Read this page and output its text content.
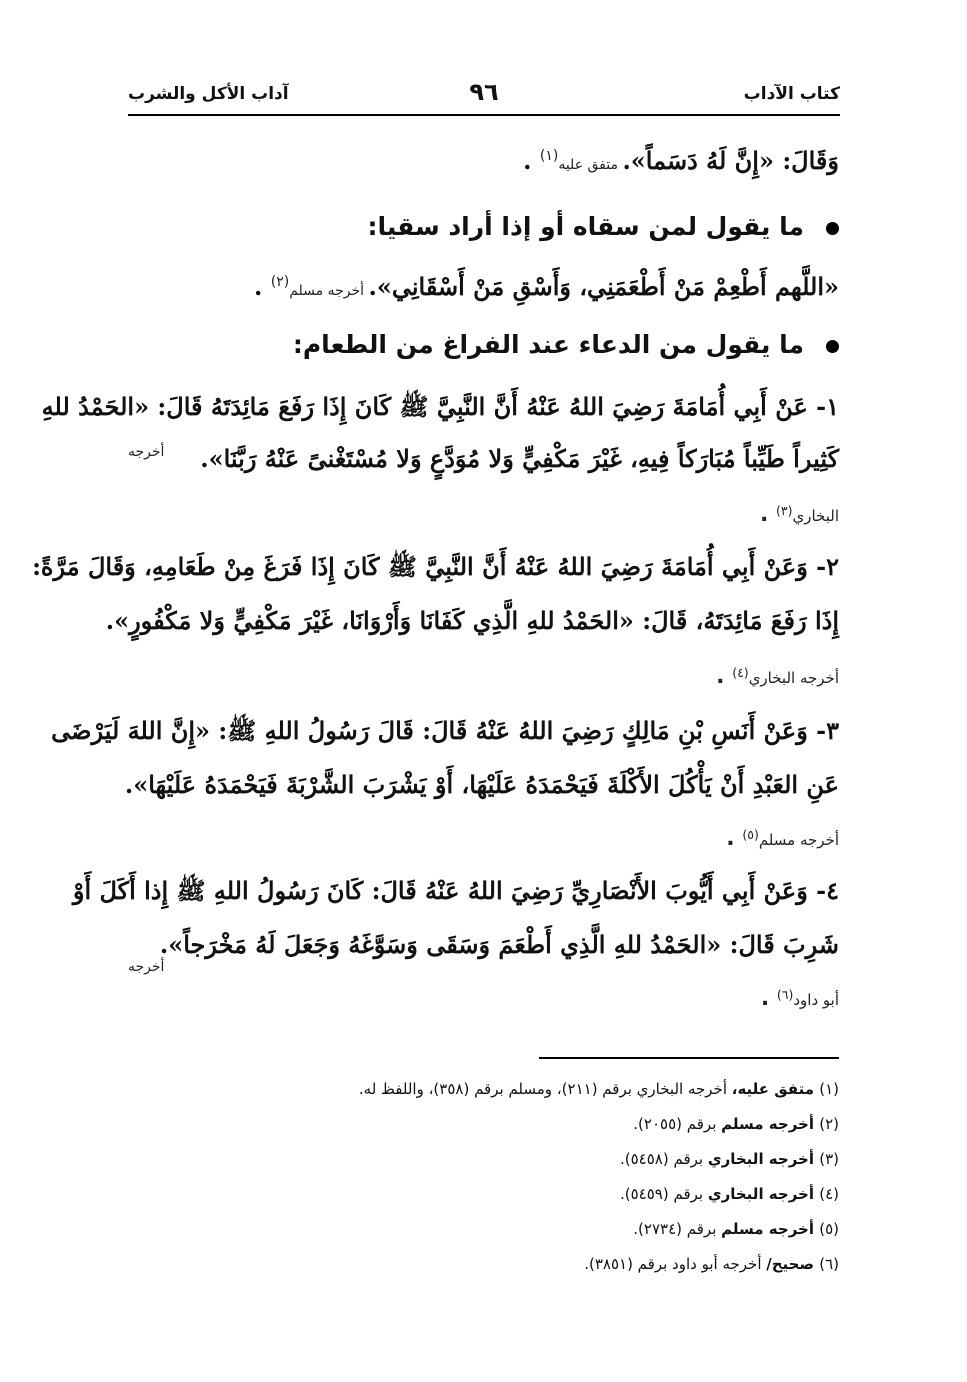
كتاب الآداب
٩٦
آداب الأكل والشرب
وَقَالَ: «إِنَّ لَهُ دَسَماً». متفق عليه$^{(١)}$ .
ما يقول لمن سقاه أو إذا أراد سقيا:
«اللَّهم أَطْعِمْ مَنْ أَطْعَمَنِي، وَأَسْقِ مَنْ أَسْقَانِي». أخرجه مسلم$^{(٢)}$ .
ما يقول من الدعاء عند الفراغ من الطعام:
١- عَنْ أَبِي أُمَامَةَ رَضِيَ اللهُ عَنْهُ أَنَّ النَّبِيَّ ﷺ كَانَ إِذَا رَفَعَ مَائِدَتَهُ قَالَ: «الحَمْدُ للهِ
كَثِيراً طَيِّباً مُبَارَكاً فِيهِ، غَيْرَ مَكْفِيٍّ وَلا مُوَدَّعٍ وَلا مُسْتَغْنىً عَنْهُ رَبَّنَا».
أخرجه
البخاري$^{(٣)}$ .
٢- وَعَنْ أَبِي أُمَامَةَ رَضِيَ اللهُ عَنْهُ أَنَّ النَّبِيَّ ﷺ كَانَ إِذَا فَرَغَ مِنْ طَعَامِهِ، وَقَالَ مَرَّةً:
إِذَا رَفَعَ مَائِدَتَهُ، قَالَ: «الحَمْدُ للهِ الَّذِي كَفَانَا وَأَرْوَانَا، غَيْرَ مَكْفِيٍّ وَلا مَكْفُورٍ».
أخرجه البخاري$^{(٤)}$ .
٣- وَعَنْ أَنَسِ بْنِ مَالِكٍ رَضِيَ اللهُ عَنْهُ قَالَ: قَالَ رَسُولُ اللهِ ﷺ: «إِنَّ اللهَ لَيَرْضَى
عَنِ العَبْدِ أَنْ يَأْكُلَ الأَكْلَةَ فَيَحْمَدَهُ عَلَيْهَا، أَوْ يَشْرَبَ الشَّرْبَةَ فَيَحْمَدَهُ عَلَيْهَا».
أخرجه مسلم$^{(٥)}$ .
٤- وَعَنْ أَبِي أَيُّوبَ الأَنْصَارِيِّ رَضِيَ اللهُ عَنْهُ قَالَ: كَانَ رَسُولُ اللهِ ﷺ إِذا أَكَلَ أَوْ
شَرِبَ قَالَ: «الحَمْدُ للهِ الَّذِي أَطْعَمَ وَسَقَى وَسَوَّغَهُ وَجَعَلَ لَهُ مَخْرَجاً».
أخرجه
أبو داود$^{(٦)}$ .
(١) متفق عليه، أخرجه البخاري برقم (٢١١)، ومسلم برقم (٣٥٨)، واللفظ له.
(٢) أخرجه مسلم برقم (٢٠٥٥).
(٣) أخرجه البخاري برقم (٥٤٥٨).
(٤) أخرجه البخاري برقم (٥٤٥٩).
(٥) أخرجه مسلم برقم (٢٧٣٤).
(٦) صحيح/ أخرجه أبو داود برقم (٣٨٥١).
